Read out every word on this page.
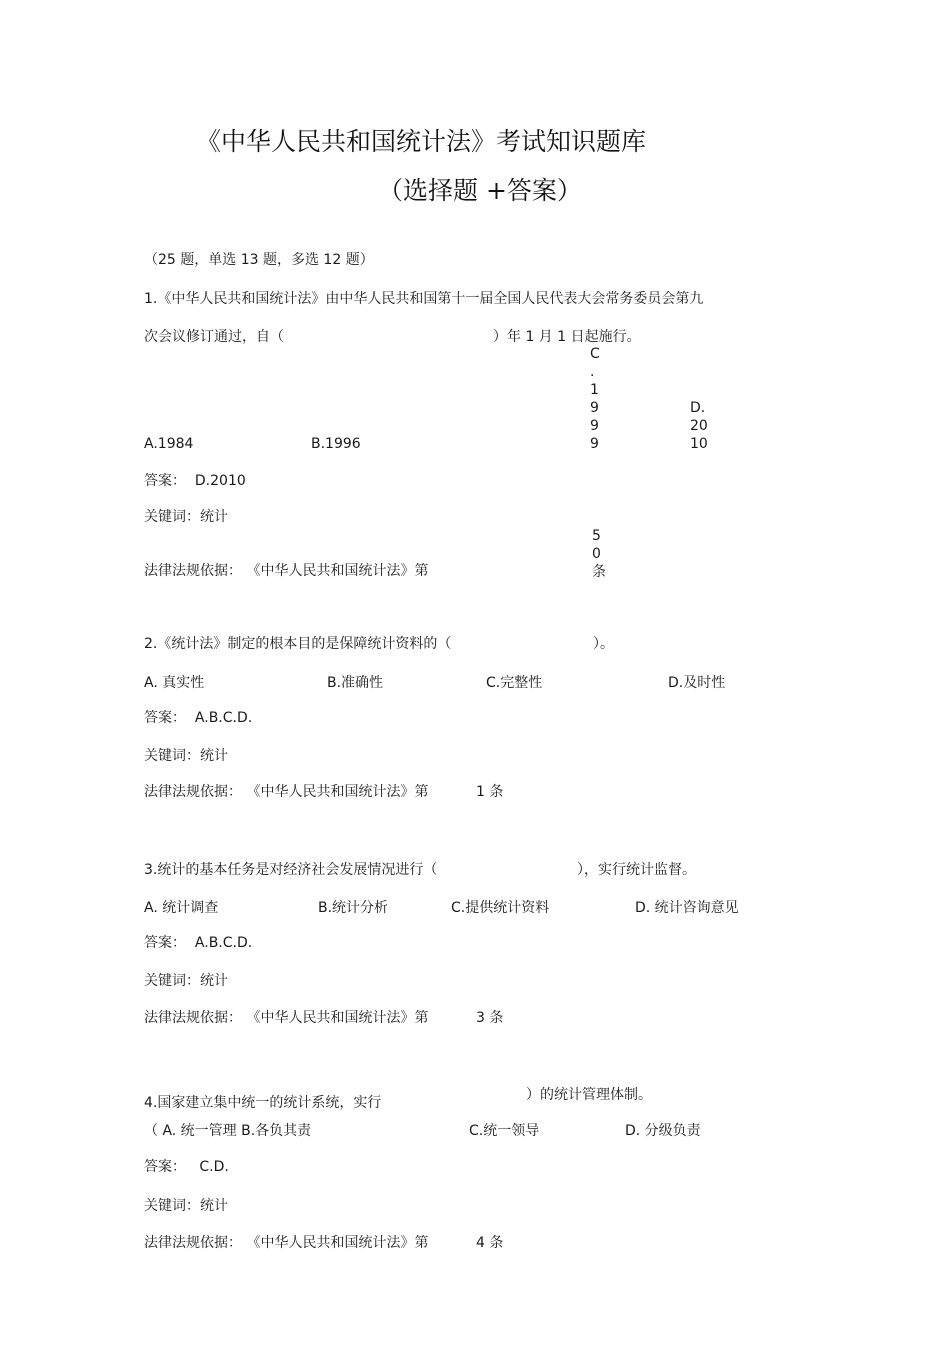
《中华人民共和国统计法》考试知识题库
（选择题 +答案）
（25 题，单选 13 题，多选 12 题）
1.《中华人民共和国统计法》由中华人民共和国第十一届全国人民代表大会常务委员会第九
次会议修订通过，自（	）年 1 月 1 日起施行。
A.1984	B.1996
C
.
1
9
9
9
D.
20
10
答案： D.2010
关键词：统计
法律法规依据： 《中华人民共和国统计法》第
5
0
条
2.《统计法》制定的根本目的是保障统计资料的（	）。
A. 真实性	B.准确性	C.完整性	D.及时性
答案： A.B.C.D.
关键词：统计
法律法规依据： 《中华人民共和国统计法》第	1 条
3.统计的基本任务是对经济社会发展情况进行（	），实行统计监督。
A. 统计调查	B.统计分析	C.提供统计资料	D. 统计咨询意见
答案： A.B.C.D.
关键词：统计
法律法规依据： 《中华人民共和国统计法》第	3 条
4.国家建立集中统一的统计系统，实行	）的统计管理体制。
（ A. 统一管理 B.各负其责	C.统一领导	D. 分级负责
答案： C.D.
关键词：统计
法律法规依据： 《中华人民共和国统计法》第	4 条
